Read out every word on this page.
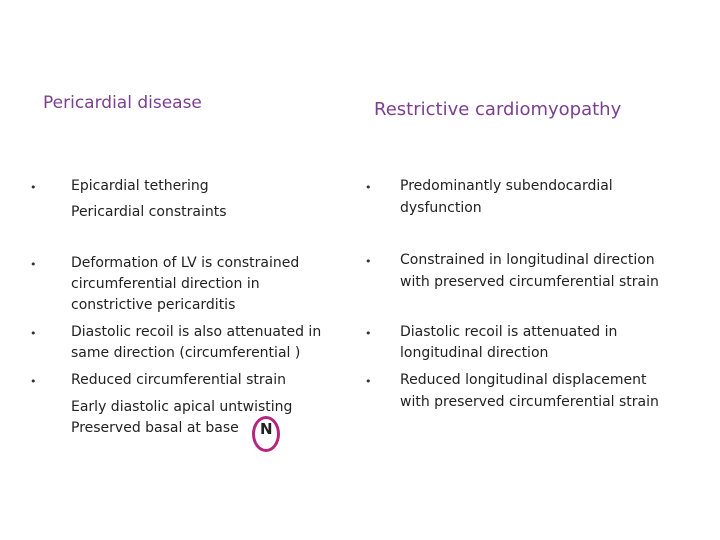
Pericardial disease
• Epicardial tethering
Pericardial constraints
• Deformation of LV is constrained
circumferential direction in
constrictive pericarditis
• Diastolic recoil is also attenuated in
same direction (circumferential )
• Reduced circumferential strain
Early diastolic apical untwisting
Preserved basal at base N
Restrictive cardiomyopathy
• Predominantly subendocardial
dysfunction
• Constrained in longitudinal direction
with preserved circumferential strain
• Diastolic recoil is attenuated in
longitudinal direction
• Reduced longitudinal displacement
with preserved circumferential strain
